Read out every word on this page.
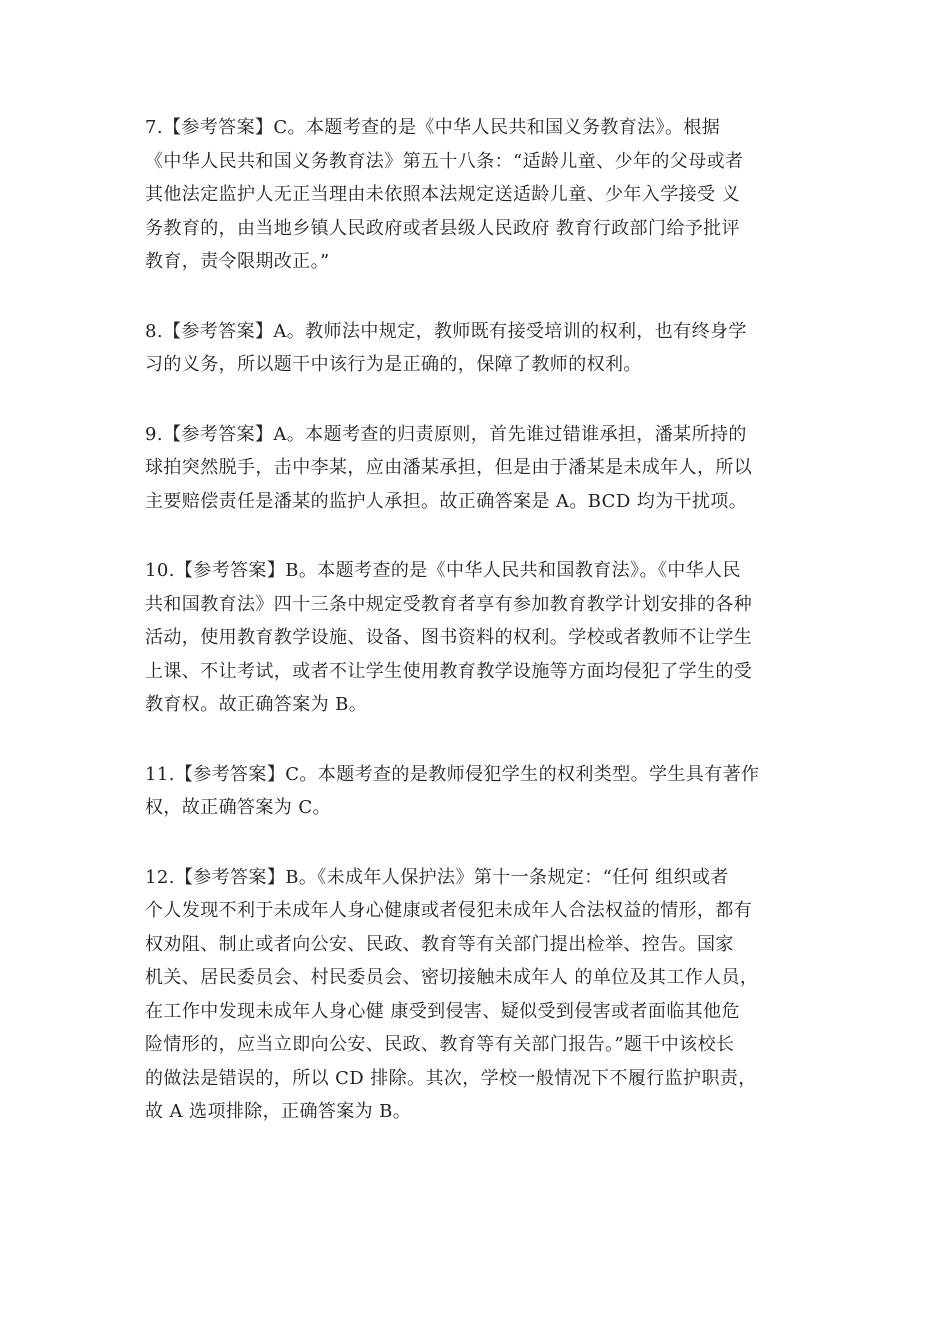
7.【参考答案】C。本题考查的是《中华人民共和国义务教育法》。根据
《中华人民共和国义务教育法》第五十八条：“适龄儿童、少年的父母或者
其他法定监护人无正当理由未依照本法规定送适龄儿童、少年入学接受 义
务教育的，由当地乡镇人民政府或者县级人民政府 教育行政部门给予批评
教育，责令限期改正。”
8.【参考答案】A。教师法中规定，教师既有接受培训的权利，也有终身学
习的义务，所以题干中该行为是正确的，保障了教师的权利。
9.【参考答案】A。本题考查的归责原则，首先谁过错谁承担，潘某所持的
球拍突然脱手，击中李某，应由潘某承担，但是由于潘某是未成年人，所以
主要赔偿责任是潘某的监护人承担。故正确答案是 A。BCD 均为干扰项。
10.【参考答案】B。本题考查的是《中华人民共和国教育法》。《中华人民
共和国教育法》四十三条中规定受教育者享有参加教育教学计划安排的各种
活动，使用教育教学设施、设备、图书资料的权利。学校或者教师不让学生
上课、不让考试，或者不让学生使用教育教学设施等方面均侵犯了学生的受
教育权。故正确答案为 B。
11.【参考答案】C。本题考查的是教师侵犯学生的权利类型。学生具有著作
权，故正确答案为 C。
12.【参考答案】B。《未成年人保护法》第十一条规定：“任何 组织或者
个人发现不利于未成年人身心健康或者侵犯未成年人合法权益的情形，都有
权劝阻、制止或者向公安、民政、教育等有关部门提出检举、控告。国家
机关、居民委员会、村民委员会、密切接触未成年人 的单位及其工作人员，
在工作中发现未成年人身心健 康受到侵害、疑似受到侵害或者面临其他危
险情形的，应当立即向公安、民政、教育等有关部门报告。”题干中该校长
的做法是错误的，所以 CD 排除。其次，学校一般情况下不履行监护职责，
故 A 选项排除，正确答案为 B。
